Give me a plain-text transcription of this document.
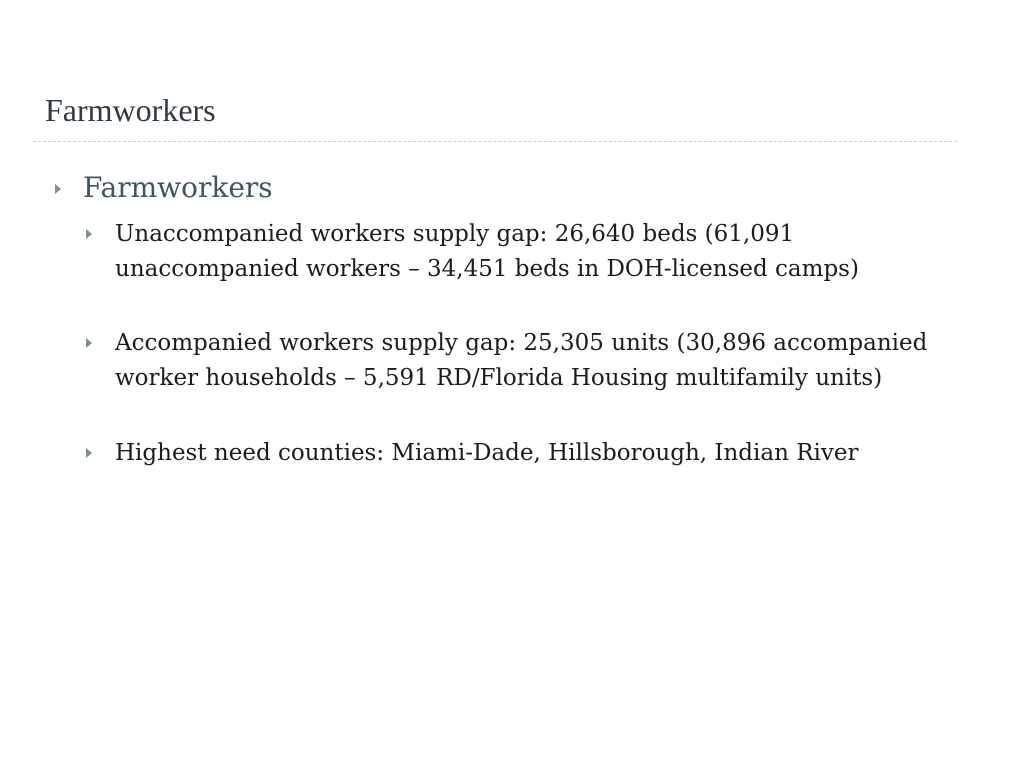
Farmworkers
Farmworkers
Unaccompanied workers supply gap: 26,640 beds (61,091 unaccompanied workers – 34,451 beds in DOH-licensed camps)
Accompanied workers supply gap: 25,305 units (30,896 accompanied worker households – 5,591 RD/Florida Housing multifamily units)
Highest need counties: Miami-Dade, Hillsborough, Indian River
